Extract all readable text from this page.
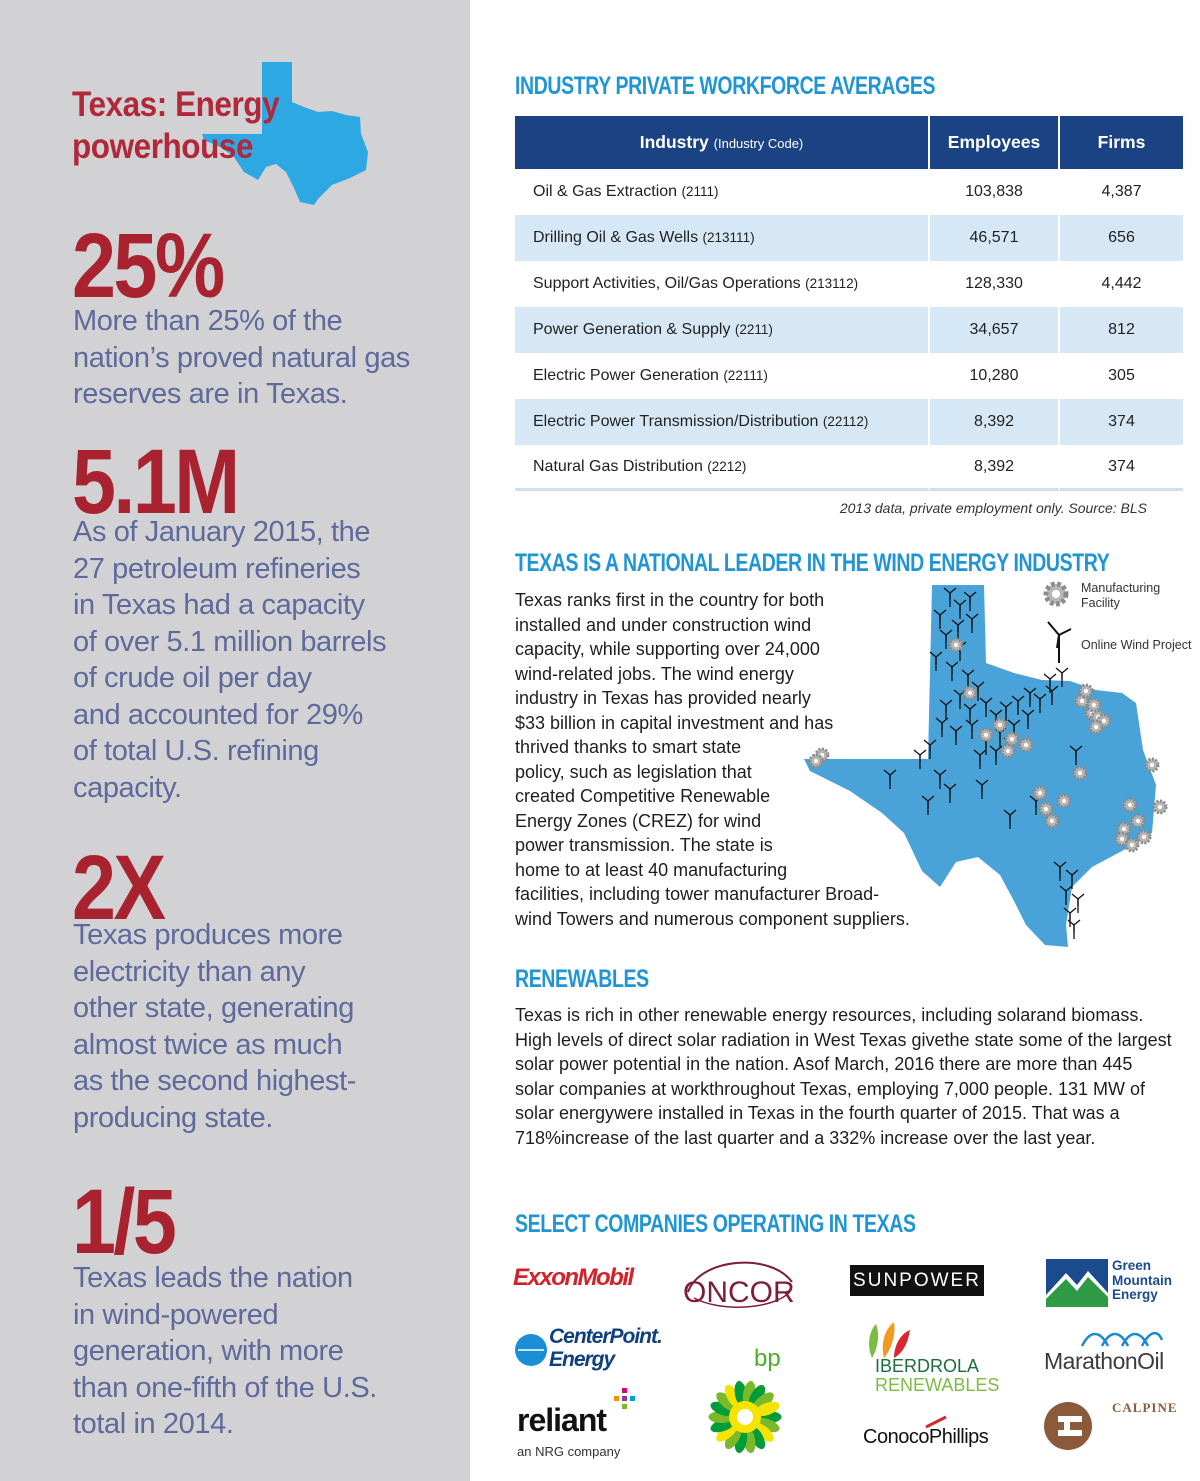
Texas: Energy
powerhouse
25%
More than 25% of the
nation’s proved natural gas
reserves are in Texas.
5.1M
As of January 2015, the
27 petroleum refineries
in Texas had a capacity
of over 5.1 million barrels
of crude oil per day
and accounted for 29%
of total U.S. refining
capacity.
2X
Texas produces more
electricity than any
other state, generating
almost twice as much
as the second highest-
producing state.
1/5
Texas leads the nation
in wind-powered
generation, with more
than one-fifth of the U.S.
total in 2014.
INDUSTRY PRIVATE WORKFORCE AVERAGES
Industry (Industry Code)	Employees	Firms
Oil & Gas Extraction (2111)	103,838	4,387
Drilling Oil & Gas Wells (213111)	46,571	656
Support Activities, Oil/Gas Operations (213112)	128,330	4,442
Power Generation & Supply (2211)	34,657	812
Electric Power Generation (22111)	10,280	305
Electric Power Transmission/Distribution (22112)	8,392	374
Natural Gas Distribution (2212)	8,392	374
2013 data, private employment only. Source: BLS
TEXAS IS A NATIONAL LEADER IN THE WIND ENERGY INDUSTRY
Manufacturing
Facility
Online Wind Project
Texas ranks first in the country for both
installed and under construction wind
capacity, while supporting over 24,000
wind-related jobs. The wind energy
industry in Texas has provided nearly
$33 billion in capital investment and has
thrived thanks to smart state
policy, such as legislation that
created Competitive Renewable
Energy Zones (CREZ) for wind
power transmission. The state is
home to at least 40 manufacturing
facilities, including tower manufacturer Broad-
wind Towers and numerous component suppliers.
RENEWABLES
Texas is rich in other renewable energy resources, including solarand biomass. High levels of direct solar radiation in West Texas givethe state some of the largest solar power potential in the nation. Asof March, 2016 there are more than 445 solar companies at workthroughout Texas, employing 7,000 people. 131 MW of solar energywere installed in Texas in the fourth quarter of 2015. That was a 718%increase of the last quarter and a 332% increase over the last year.
SELECT COMPANIES OPERATING IN TEXAS
ExxonMobil ONCOR	SUNPOWER
Green
Mountain
Energy
CenterPoint.
Energy	bp	IBERDROLA
RENEWABLES
MarathonOil
reliant
an NRG company
ConocoPhillips
CALPINE
